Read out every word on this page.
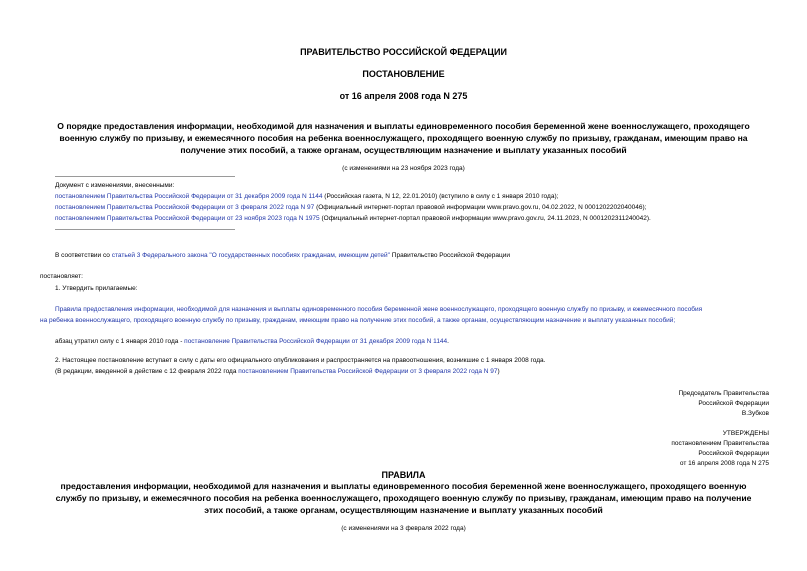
ПРАВИТЕЛЬСТВО РОССИЙСКОЙ ФЕДЕРАЦИИ
ПОСТАНОВЛЕНИЕ
от 16 апреля 2008 года N 275
О порядке предоставления информации, необходимой для назначения и выплаты единовременного пособия беременной жене военнослужащего, проходящего
военную службу по призыву, и ежемесячного пособия на ребенка военнослужащего, проходящего военную службу по призыву, гражданам, имеющим право на
получение этих пособий, а также органам, осуществляющим назначение и выплату указанных пособий
(с изменениями на 23 ноября 2023 года)
Документ с изменениями, внесенными:
постановлением Правительства Российской Федерации от 31 декабря 2009 года N 1144 (Российская газета, N 12, 22.01.2010) (вступило в силу с 1 января 2010 года);
постановлением Правительства Российской Федерации от 3 февраля 2022 года N 97 (Официальный интернет-портал правовой информации www.pravo.gov.ru, 04.02.2022, N 0001202202040046);
постановлением Правительства Российской Федерации от 23 ноября 2023 года N 1975 (Официальный интернет-портал правовой информации www.pravo.gov.ru, 24.11.2023, N 0001202311240042).
В соответствии со статьей 3 Федерального закона "О государственных пособиях гражданам, имеющим детей" Правительство Российской Федерации
постановляет:
1. Утвердить прилагаемые:
Правила предоставления информации, необходимой для назначения и выплаты единовременного пособия беременной жене военнослужащего, проходящего военную службу по призыву, и ежемесячного пособия
на ребенка военнослужащего, проходящего военную службу по призыву, гражданам, имеющим право на получение этих пособий, а также органам, осуществляющим назначение и выплату указанных пособий;
абзац утратил силу с 1 января 2010 года - постановление Правительства Российской Федерации от 31 декабря 2009 года N 1144.
2. Настоящее постановление вступает в силу с даты его официального опубликования и распространяется на правоотношения, возникшие с 1 января 2008 года.
(В редакции, введенной в действие с 12 февраля 2022 года постановлением Правительства Российской Федерации от 3 февраля 2022 года N 97)
Председатель Правительства
Российской Федерации
В.Зубков
УТВЕРЖДЕНЫ
постановлением Правительства
Российской Федерации
от 16 апреля 2008 года N 275
ПРАВИЛА
предоставления информации, необходимой для назначения и выплаты единовременного пособия беременной жене военнослужащего, проходящего военную
службу по призыву, и ежемесячного пособия на ребенка военнослужащего, проходящего военную службу по призыву, гражданам, имеющим право на получение
этих пособий, а также органам, осуществляющим назначение и выплату указанных пособий
(с изменениями на 3 февраля 2022 года)
